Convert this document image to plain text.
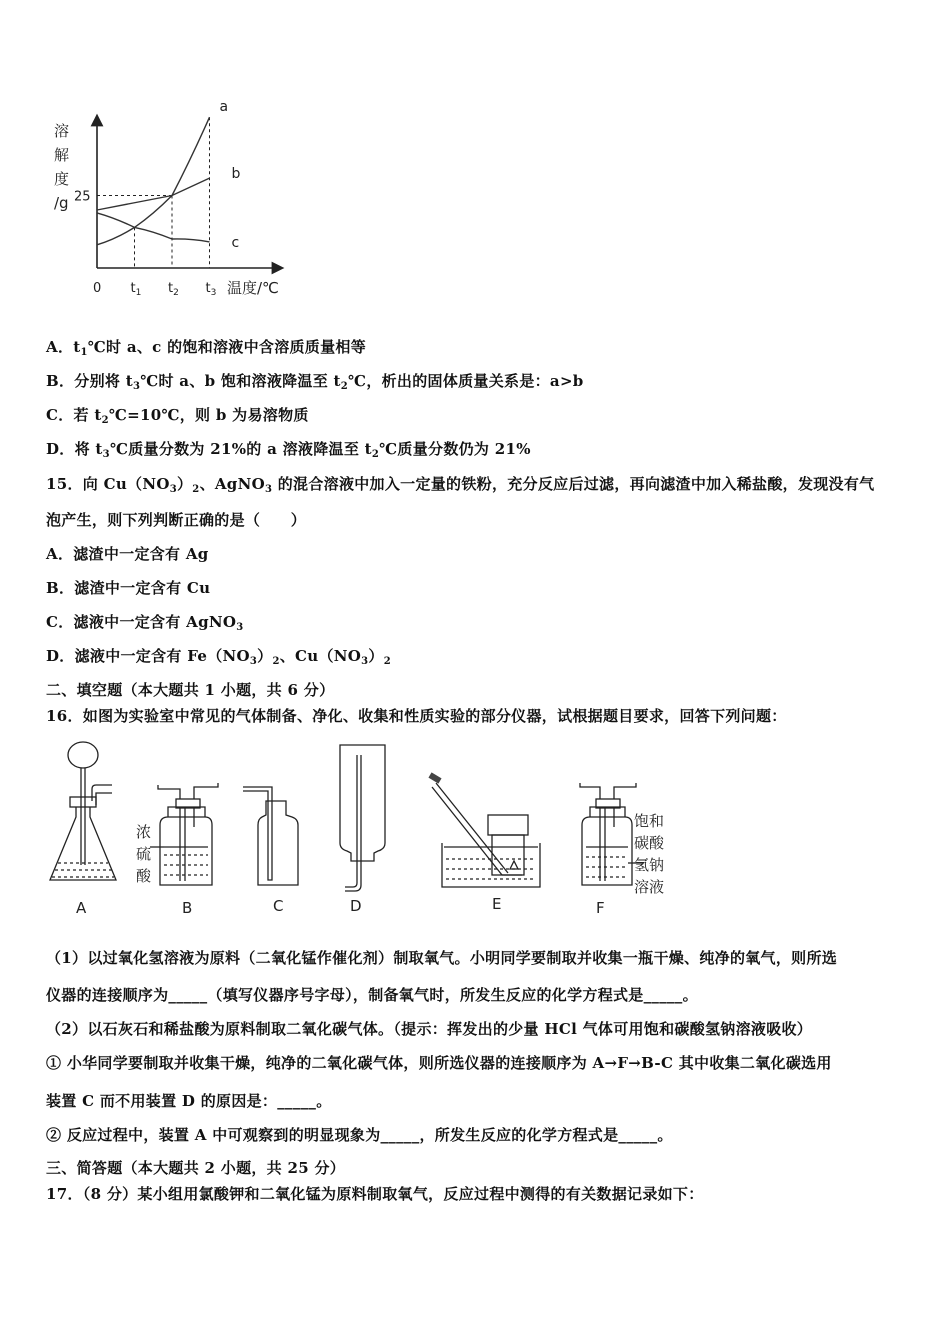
溶
解
度
/g
温度/℃
0 $t_1$ $t_2$ $t_3$
25
a
b
c
A．$t_1℃$时 a、c 的饱和溶液中含溶质质量相等
B．分别将 $t_3℃$时 a、b 饱和溶液降温至 $t_2℃$，析出的固体质量关系是：a>b
C．若 $t_2℃=10℃$，则 b 为易溶物质
D．将 $t_3℃$质量分数为 21%的 a 溶液降温至 $t_2℃$质量分数仍为 21%
15．向 $Cu(NO_3)_2$、AgNO$_3$ 的混合溶液中加入一定量的铁粉，充分反应后过滤，再向滤渣中加入稀盐酸，发现没有气
泡产生，则下列判断正确的是（　　）
A．滤渣中一定含有 Ag
B．滤渣中一定含有 Cu
C．滤液中一定含有 AgNO$_3$
D．滤液中一定含有 $Fe(NO_3)_2$、$Cu(NO_3)_2$
二、填空题（本大题共 1 小题，共 6 分）
16．如图为实验室中常见的气体制备、净化、收集和性质实验的部分仪器，试根据题目要求，回答下列问题：
A	B	C	D	E	F
浓
硫
酸
饱和
碳酸
氢钠
溶液
（1）以过氧化氢溶液为原料（二氧化锰作催化剂）制取氧气。小明同学要制取并收集一瓶干燥、纯净的氧气，则所选
仪器的连接顺序为_____（填写仪器序号字母），制备氧气时，所发生反应的化学方程式是_____。
（2）以石灰石和稀盐酸为原料制取二氧化碳气体。（提示：挥发出的少量 HCl 气体可用饱和碳酸氢钠溶液吸收）
① 小华同学要制取并收集干燥，纯净的二氧化碳气体，则所选仪器的连接顺序为 A→F→B-C 其中收集二氧化碳选用
装置 C 而不用装置 D 的原因是：_____。
② 反应过程中，装置 A 中可观察到的明显现象为_____，所发生反应的化学方程式是_____。
三、简答题（本大题共 2 小题，共 25 分）
17．（8 分）某小组用氯酸钾和二氧化锰为原料制取氧气，反应过程中测得的有关数据记录如下：
